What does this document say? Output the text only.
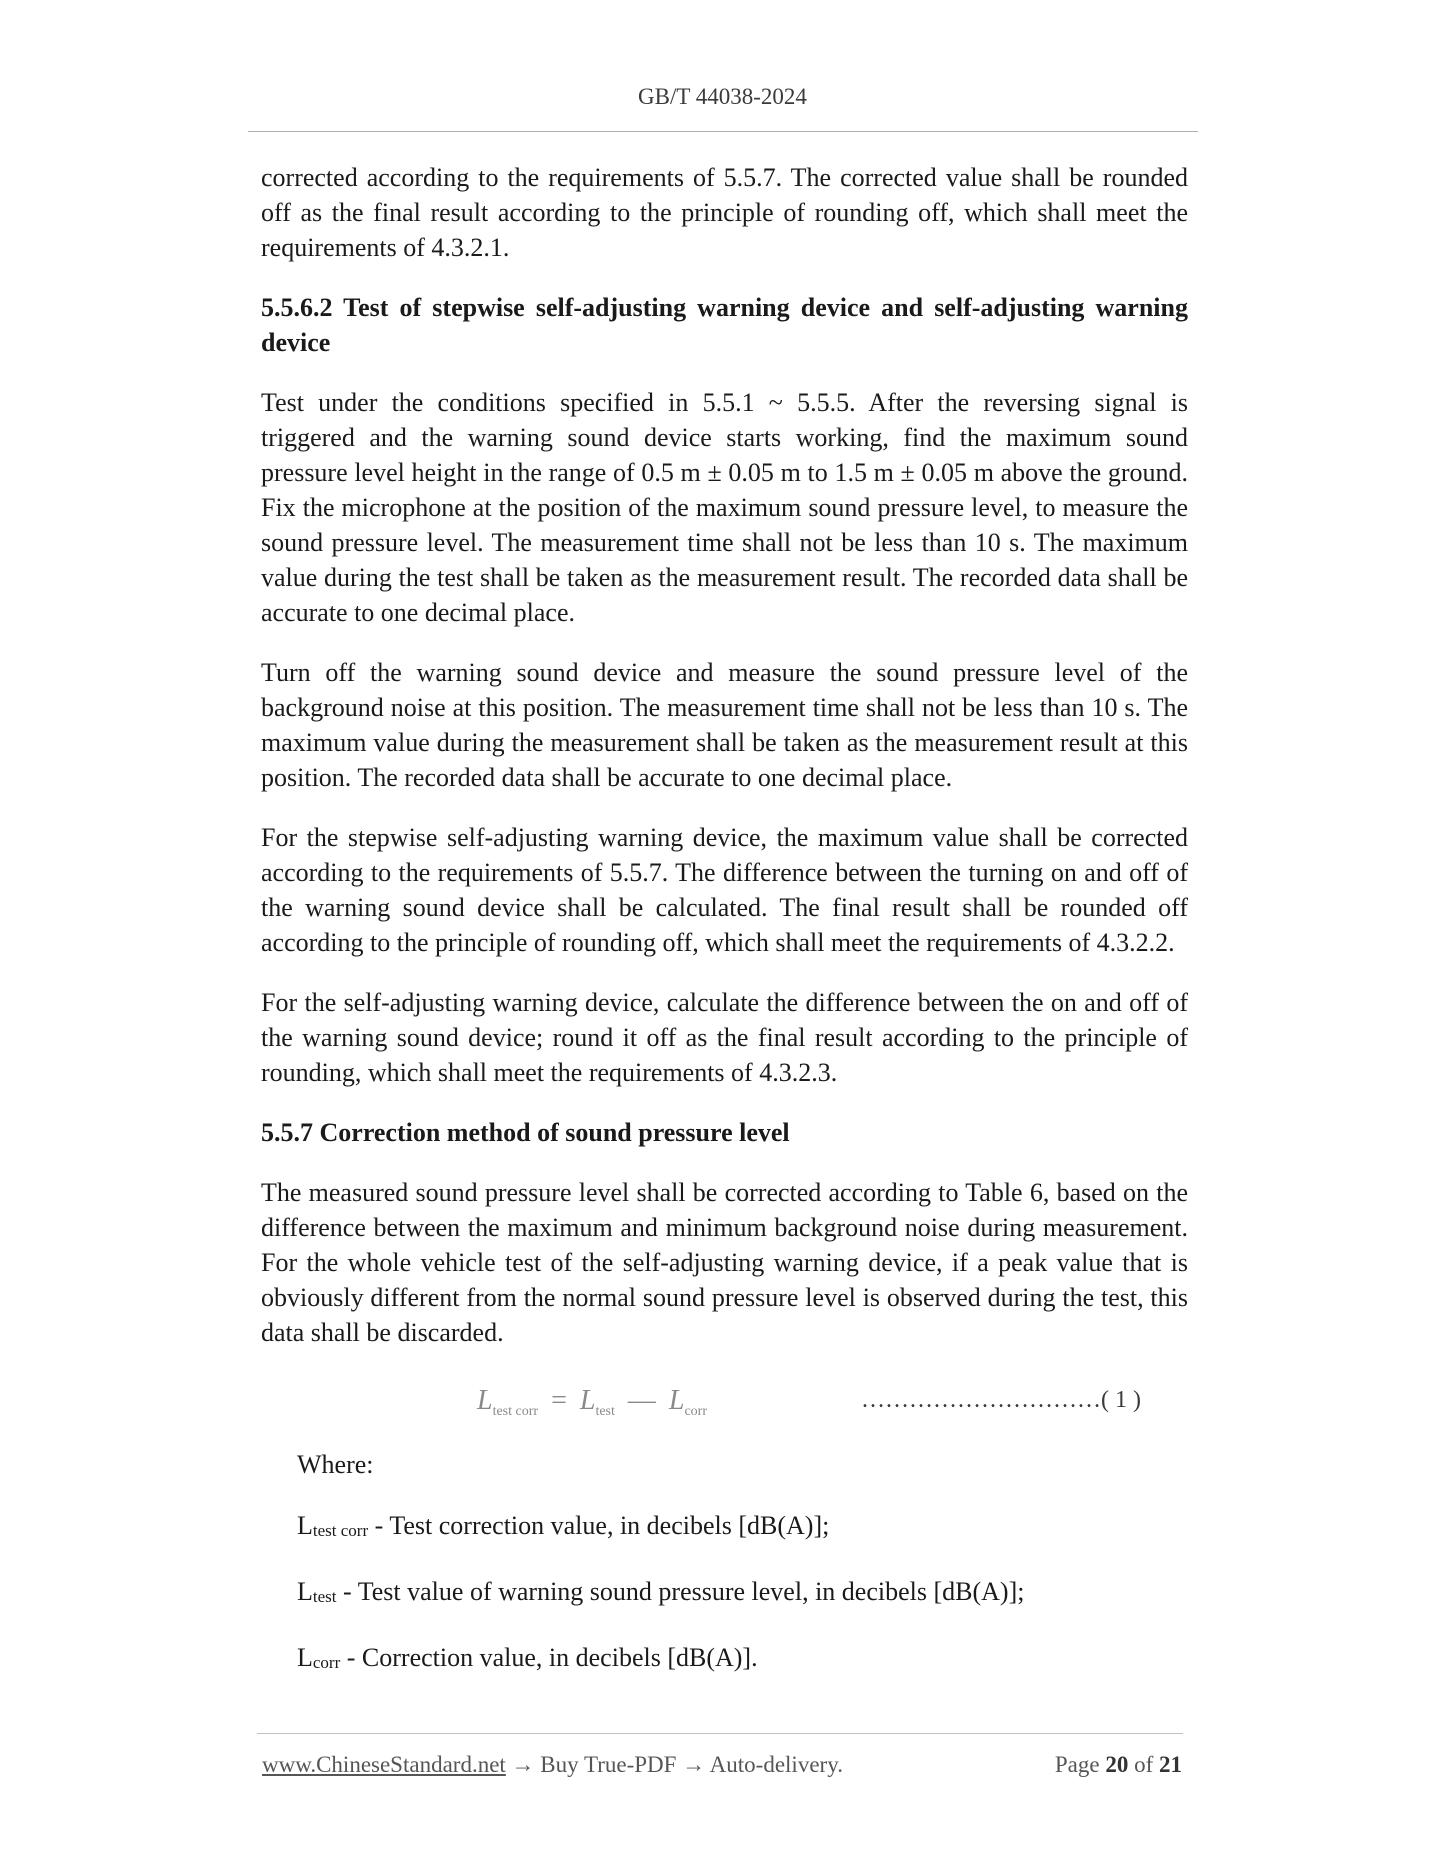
GB/T 44038-2024

corrected according to the requirements of 5.5.7. The corrected value shall be rounded off as the final result according to the principle of rounding off, which shall meet the requirements of 4.3.2.1.

5.5.6.2 Test of stepwise self-adjusting warning device and self-adjusting warning device

Test under the conditions specified in 5.5.1 ~ 5.5.5. After the reversing signal is triggered and the warning sound device starts working, find the maximum sound pressure level height in the range of 0.5 m ± 0.05 m to 1.5 m ± 0.05 m above the ground. Fix the microphone at the position of the maximum sound pressure level, to measure the sound pressure level. The measurement time shall not be less than 10 s. The maximum value during the test shall be taken as the measurement result. The recorded data shall be accurate to one decimal place.

Turn off the warning sound device and measure the sound pressure level of the background noise at this position. The measurement time shall not be less than 10 s. The maximum value during the measurement shall be taken as the measurement result at this position. The recorded data shall be accurate to one decimal place.

For the stepwise self-adjusting warning device, the maximum value shall be corrected according to the requirements of 5.5.7. The difference between the turning on and off of the warning sound device shall be calculated. The final result shall be rounded off according to the principle of rounding off, which shall meet the requirements of 4.3.2.2.

For the self-adjusting warning device, calculate the difference between the on and off of the warning sound device; round it off as the final result according to the principle of rounding, which shall meet the requirements of 4.3.2.3.

5.5.7 Correction method of sound pressure level

The measured sound pressure level shall be corrected according to Table 6, based on the difference between the maximum and minimum background noise during measurement. For the whole vehicle test of the self-adjusting warning device, if a peak value that is obviously different from the normal sound pressure level is observed during the test, this data shall be discarded.

$L_{test corr} = L_{test}$ — $L_{corr}$	…………………………( 1 )

Where:

Ltest corr - Test correction value, in decibels [dB(A)];

Ltest - Test value of warning sound pressure level, in decibels [dB(A)];

Lcorr - Correction value, in decibels [dB(A)].

www.ChineseStandard.net → Buy True-PDF → Auto-delivery.	Page 20 of 21
